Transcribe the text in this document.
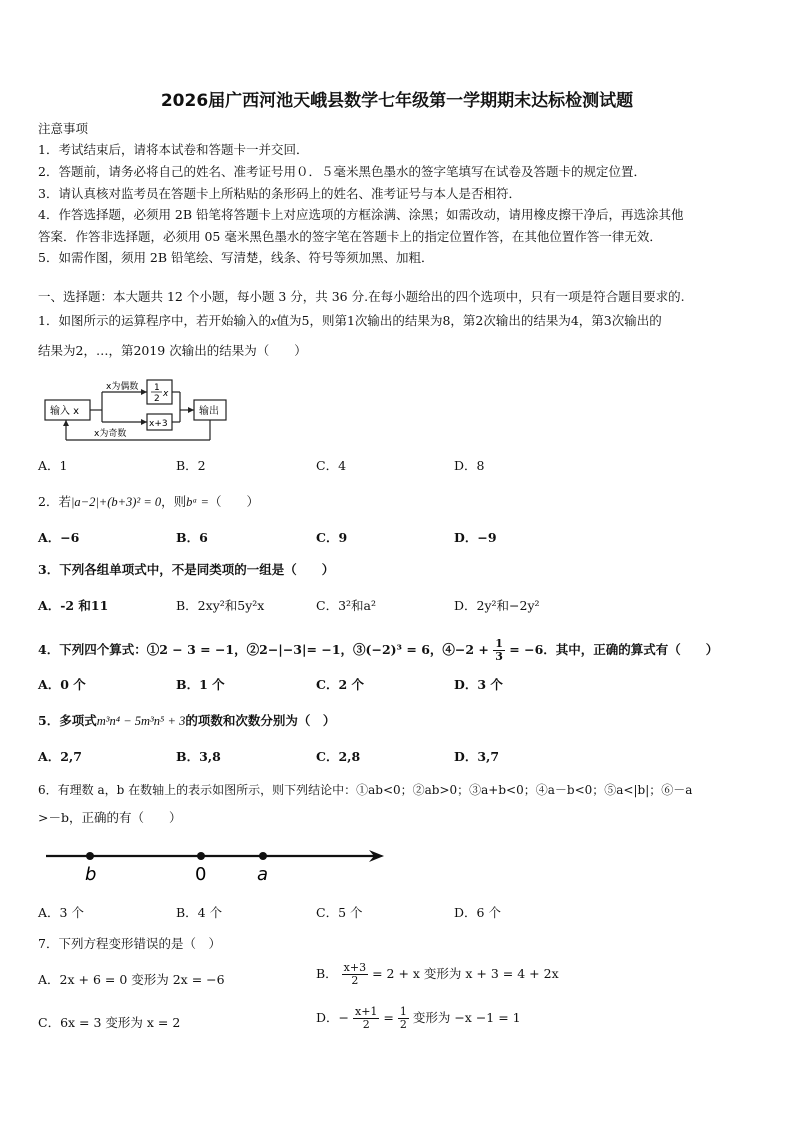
2026届广西河池天峨县数学七年级第一学期期末达标检测试题
注意事项
1．考试结束后，请将本试卷和答题卡一并交回．
2．答题前，请务必将自己的姓名、准考证号用０．５毫米黑色墨水的签字笔填写在试卷及答题卡的规定位置．
3．请认真核对监考员在答题卡上所粘贴的条形码上的姓名、准考证号与本人是否相符．
4．作答选择题，必须用 2B 铅笔将答题卡上对应选项的方框涂满、涂黑；如需改动，请用橡皮擦干净后，再选涂其他
答案．作答非选择题，必须用 05 毫米黑色墨水的签字笔在答题卡上的指定位置作答，在其他位置作答一律无效．
5．如需作图，须用 2B 铅笔绘、写清楚，线条、符号等须加黑、加粗．
一、选择题：本大题共 12 个小题，每小题 3 分，共 36 分.在每小题给出的四个选项中，只有一项是符合题目要求的.
1．如图所示的运算程序中，若开始输入的x值为5，则第1次输出的结果为8，第2次输出的结果为4，第3次输出的
结果为2，…，第2019 次输出的结果为（　　）
输入 x
x为偶数
x为奇数
1
2 x
x+3
输出
A．1	B．2	C．4	D．8
2．若|a−2|+(b+3)² = 0，则bᵃ =（　　）
A．−6	B．6	C．9	D．−9
3．下列各组单项式中，不是同类项的一组是（　　）
A．-2 和11	B．2xy²和5y²x	C．3²和a²	D．2y²和−2y²
4．下列四个算式：①2 − 3 = −1，②2−|−3|= −1，③(−2)³ = 6，④−2 + $\frac{1}{3} = -6$．其中，正确的算式有（　　）
A．0 个	B．1 个	C．2 个	D．3 个
5．多项式m³n⁴ − 5m³n⁵ + 3的项数和次数分别为（　）
A．2,7	B．3,8	C．2,8	D．3,7
6．有理数 a，b 在数轴上的表示如图所示，则下列结论中：①ab<0；②ab>0；③a+b<0；④a－b<0；⑤a<|b|；⑥－a
>－b，正确的有（　　）
b	0	a
A．3 个	B．4 个	C．5 个	D．6 个
7．下列方程变形错误的是（　）
A．2x + 6 = 0 变形为 2x = −6	B． $\frac{x+3}{2} = 2 + x$ 变形为 x + 3 = 4 + 2x
C．6x = 3 变形为 x = 2	D．− $\frac{x+1}{2} = \frac{1}{2}$ 变形为 −x −1 = 1
